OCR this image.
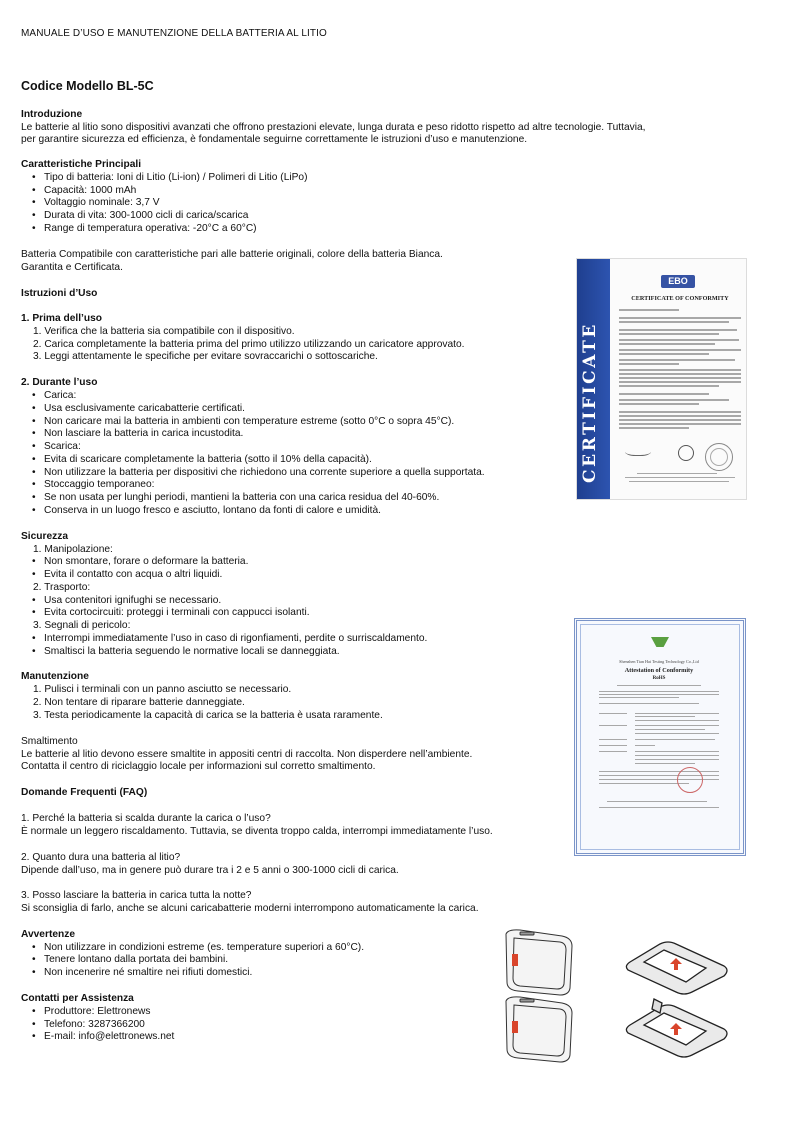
MANUALE D’USO E MANUTENZIONE DELLA BATTERIA AL LITIO
Codice Modello BL-5C
Introduzione
Le batterie al litio sono dispositivi avanzati che offrono prestazioni elevate, lunga durata e peso ridotto rispetto ad altre tecnologie. Tuttavia,
per garantire sicurezza ed efficienza, è fondamentale seguirne correttamente le istruzioni d’uso e manutenzione.
Caratteristiche Principali
• Tipo di batteria: Ioni di Litio (Li-ion) / Polimeri di Litio (LiPo)
• Capacità: 1000 mAh
• Voltaggio nominale: 3,7 V
• Durata di vita: 300-1000 cicli di carica/scarica
• Range di temperatura operativa: -20°C a 60°C)
Batteria Compatibile con caratteristiche pari alle batterie originali, colore della batteria Bianca.
Garantita e Certificata.
Istruzioni d’Uso
1. Prima dell’uso
1. Verifica che la batteria sia compatibile con il dispositivo.
2. Carica completamente la batteria prima del primo utilizzo utilizzando un caricatore approvato.
3. Leggi attentamente le specifiche per evitare sovraccarichi o sottoscariche.
2. Durante l’uso
• Carica:
• Usa esclusivamente caricabatterie certificati.
• Non caricare mai la batteria in ambienti con temperature estreme (sotto 0°C o sopra 45°C).
• Non lasciare la batteria in carica incustodita.
• Scarica:
• Evita di scaricare completamente la batteria (sotto il 10% della capacità).
• Non utilizzare la batteria per dispositivi che richiedono una corrente superiore a quella supportata.
• Stoccaggio temporaneo:
• Se non usata per lunghi periodi, mantieni la batteria con una carica residua del 40-60%.
• Conserva in un luogo fresco e asciutto, lontano da fonti di calore e umidità.
Sicurezza
1. Manipolazione:
• Non smontare, forare o deformare la batteria.
• Evita il contatto con acqua o altri liquidi.
2. Trasporto:
• Usa contenitori ignifughi se necessario.
• Evita cortocircuiti: proteggi i terminali con cappucci isolanti.
3. Segnali di pericolo:
• Interrompi immediatamente l’uso in caso di rigonfiamenti, perdite o surriscaldamento.
• Smaltisci la batteria seguendo le normative locali se danneggiata.
Manutenzione
1. Pulisci i terminali con un panno asciutto se necessario.
2. Non tentare di riparare batterie danneggiate.
3. Testa periodicamente la capacità di carica se la batteria è usata raramente.
Smaltimento
Le batterie al litio devono essere smaltite in appositi centri di raccolta. Non disperdere nell’ambiente.
Contatta il centro di riciclaggio locale per informazioni sul corretto smaltimento.
Domande Frequenti (FAQ)
1. Perché la batteria si scalda durante la carica o l’uso?
È normale un leggero riscaldamento. Tuttavia, se diventa troppo calda, interrompi immediatamente l’uso.
2. Quanto dura una batteria al litio?
Dipende dall’uso, ma in genere può durare tra i 2 e 5 anni o 300-1000 cicli di carica.
3. Posso lasciare la batteria in carica tutta la notte?
Si sconsiglia di farlo, anche se alcuni caricabatterie moderni interrompono automaticamente la carica.
Avvertenze
• Non utilizzare in condizioni estreme (es. temperature superiori a 60°C).
• Tenere lontano dalla portata dei bambini.
• Non incenerire né smaltire nei rifiuti domestici.
Contatti per Assistenza
• Produttore: Elettronews
• Telefono: 3287366200
• E-mail: info@elettronews.net
CERTIFICATE
EBO
CERTIFICATE OF CONFORMITY
Shenzhen Tian Hai Testing Technology Co.,Ltd
Attestation of Conformity
RoHS
